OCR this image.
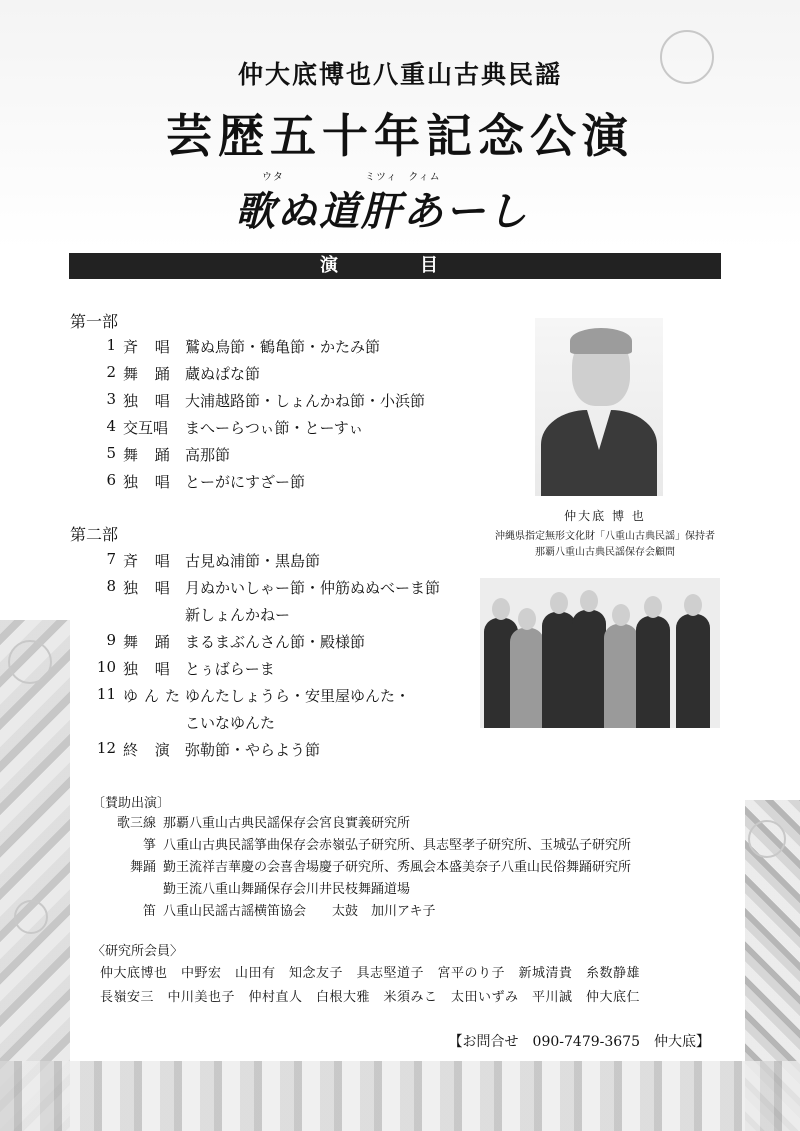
仲大底博也八重山古典民謡
芸歴五十年記念公演
ウタ	ミツィ　クィム
歌ぬ道肝あーし
演　目
第一部
1 斉 唱 鷲ぬ鳥節・鶴亀節・かたみ節
2 舞 踊 蔵ぬぱな節
3 独 唱 大浦越路節・しょんかね節・小浜節
4 交互唱	まへーらつぃ節・とーすぃ
5 舞 踊 高那節
6 独 唱 とーがにすざー節
第二部
7 斉 唱 古見ぬ浦節・黒島節
8 独 唱 月ぬかいしゃー節・仲筋ぬぬべーま節
新しょんかねー
9 舞 踊 まるまぶんさん節・殿様節
10 独 唱 とぅばらーま
11 ゆんた
ゆんたしょうら・安里屋ゆんた・
こいなゆんた
12 終 演 弥勒節・やらよう節
仲大底 博 也
沖縄県指定無形文化財「八重山古典民謡」保持者
那覇八重山古典民謡保存会顧問
〔賛助出演〕
歌三線 那覇八重山古典民謡保存会宮良實義研究所
箏 八重山古典民謡箏曲保存会赤嶺弘子研究所、具志堅孝子研究所、玉城弘子研究所
舞踊 勤王流祥吉華慶の会喜舎場慶子研究所、秀風会本盛美奈子八重山民俗舞踊研究所
勤王流八重山舞踊保存会川井民枝舞踊道場
笛 八重山民謡古謡横笛協会　　太鼓　加川アキ子
〈研究所会員〉
仲大底博也　中野宏　山田有　知念友子　具志堅道子　宮平のり子　新城清貴　糸数静雄
長嶺安三　中川美也子　仲村直人　白根大雅　米須みこ　太田いずみ　平川誠　仲大底仁
【お問合せ　090-7479-3675　仲大底】
